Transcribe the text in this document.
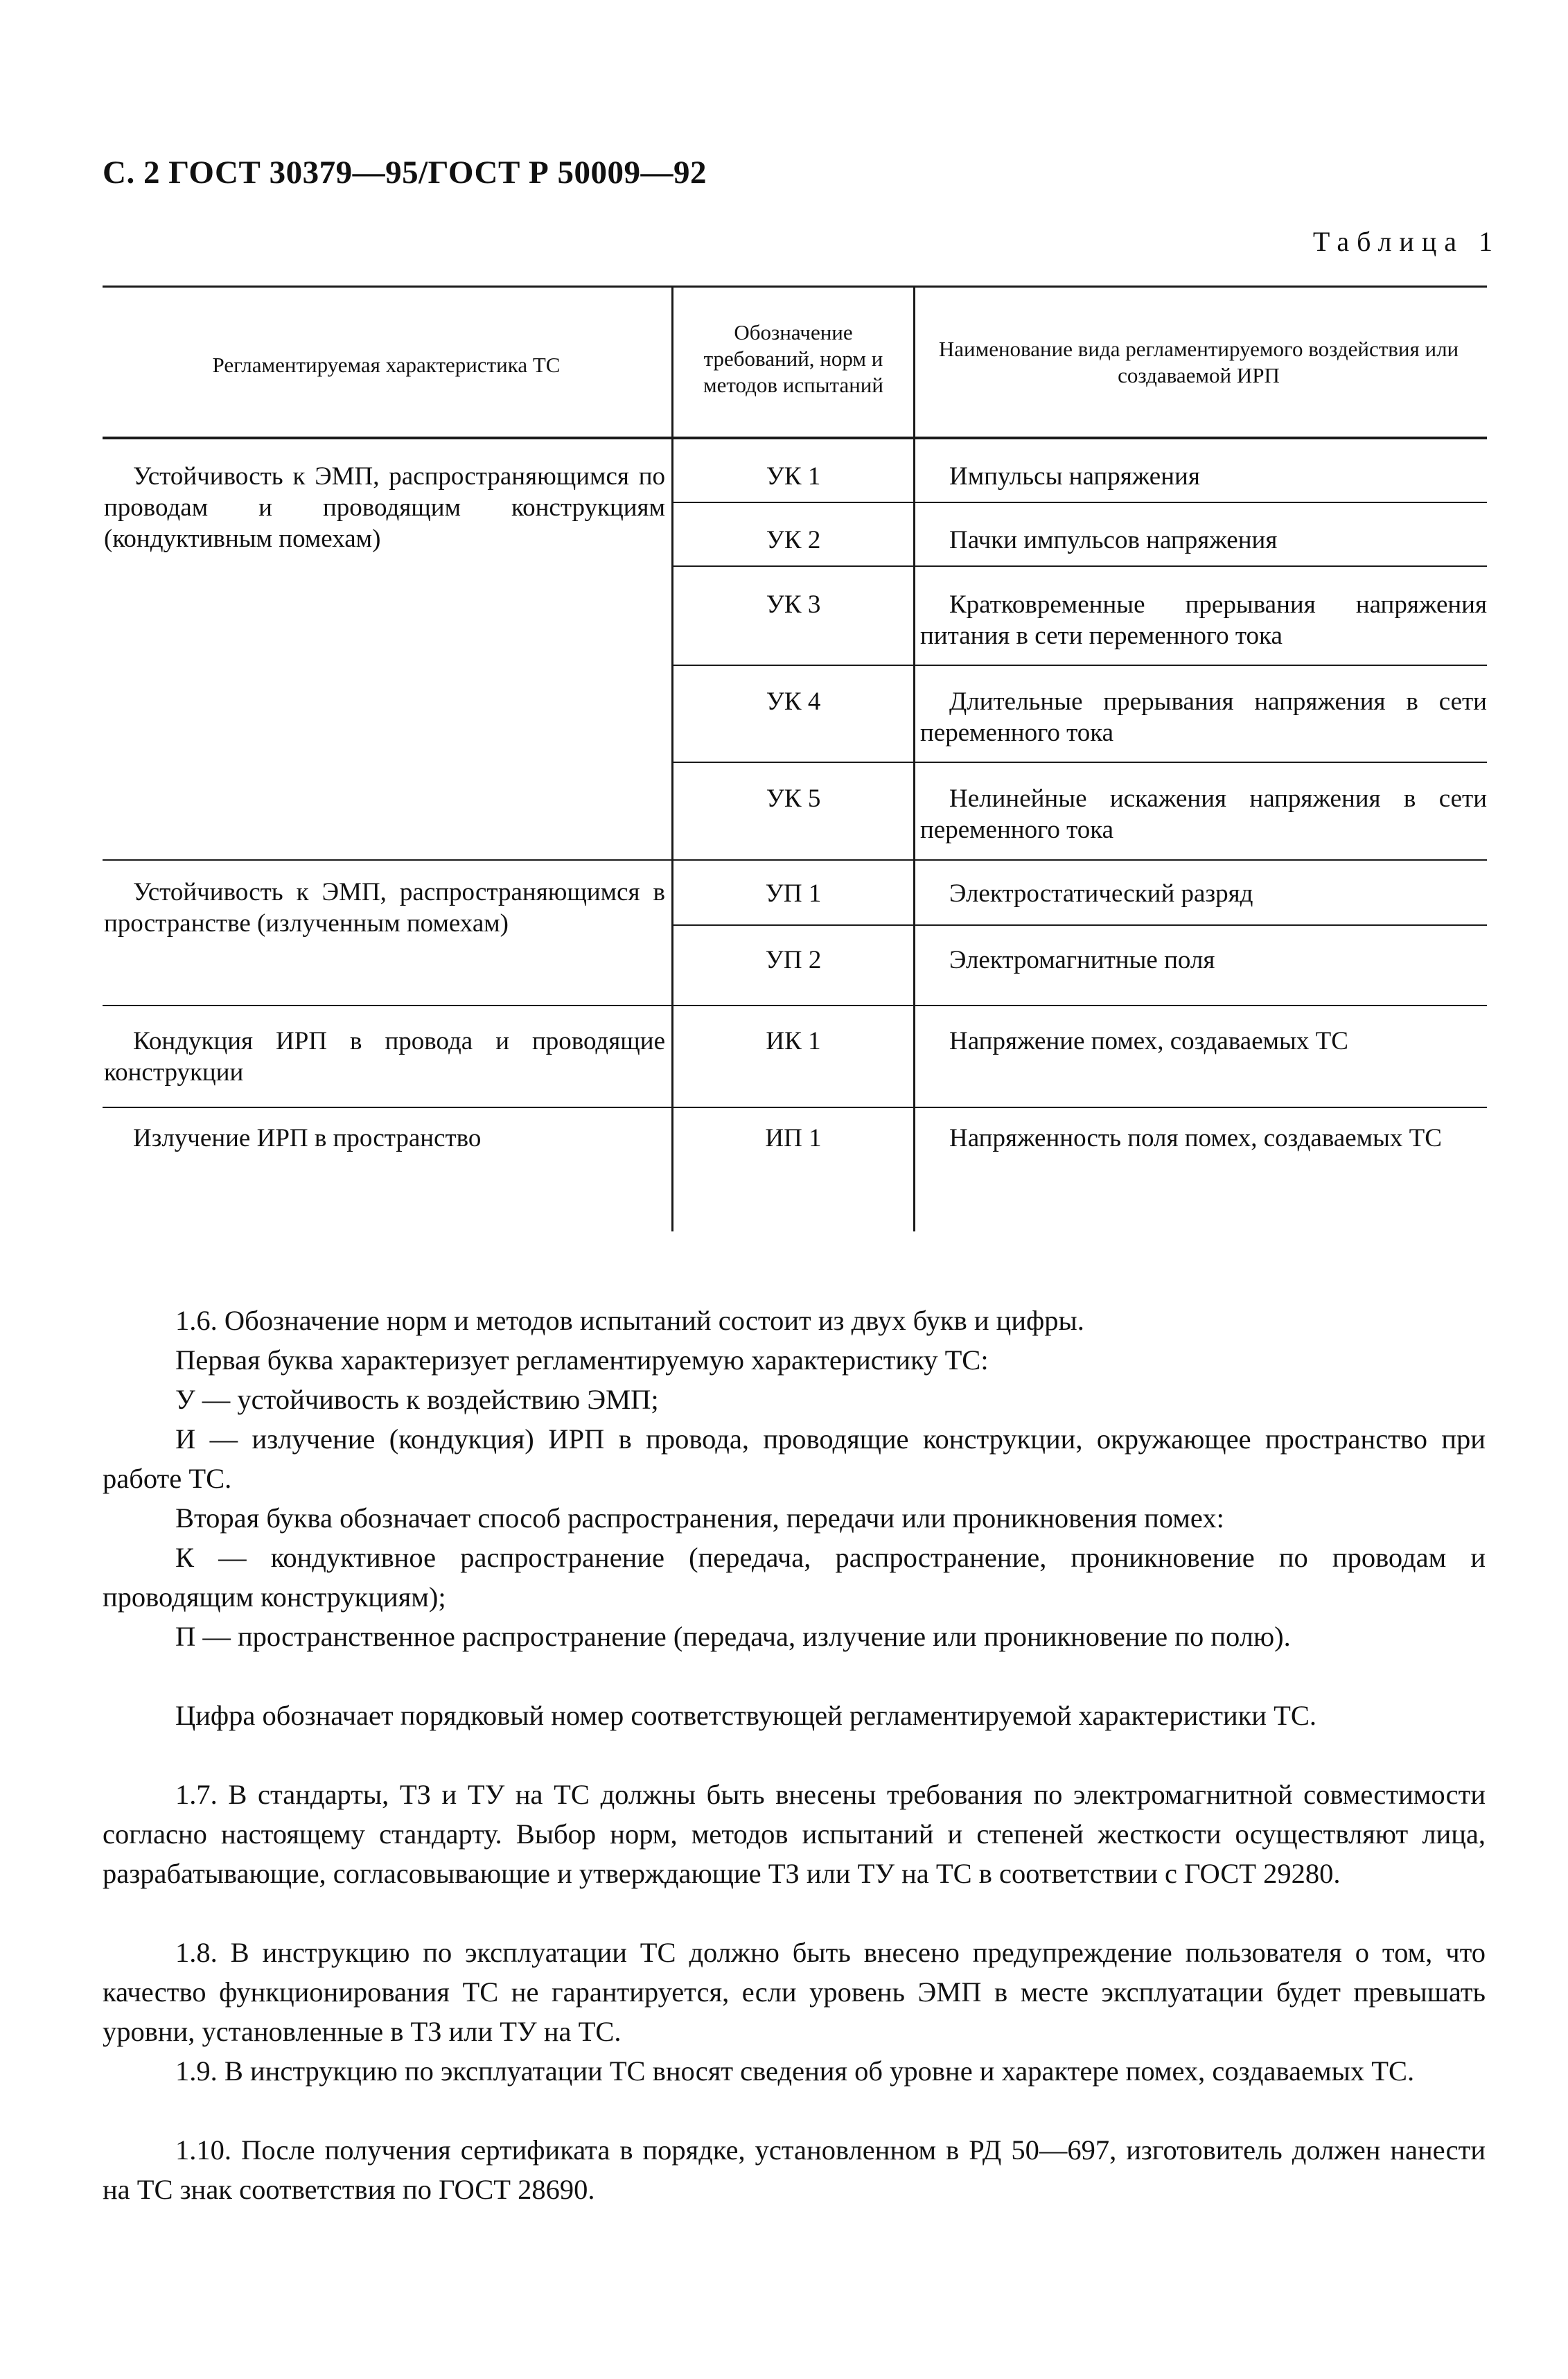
С. 2 ГОСТ 30379—95/ГОСТ Р 50009—92
Таблица 1
Регламентируемая характеристика ТС
Обозначение требований, норм и методов испытаний
Наименование вида регламентируемого воздействия или создаваемой ИРП
Устойчивость к ЭМП, распространяющимся по проводам и проводящим конструкциям (кондуктивным помехам)
Устойчивость к ЭМП, распространяющимся в пространстве (излученным помехам)
Кондукция ИРП в провода и проводящие конструкции
Излучение ИРП в пространство
УК 1
УК 2
УК 3
УК 4
УК 5
УП 1
УП 2
ИК 1
ИП 1
Импульсы напряжения
Пачки импульсов напряжения
Кратковременные прерывания напряжения питания в сети переменного тока
Длительные прерывания напряжения в сети переменного тока
Нелинейные искажения напряжения в сети переменного тока
Электростатический разряд
Электромагнитные поля
Напряжение помех, создаваемых ТС
Напряженность поля помех, создаваемых ТС

1.6. Обозначение норм и методов испытаний состоит из двух букв и цифры.

Первая буква характеризует регламентируемую характеристику ТС:

У — устойчивость к воздействию ЭМП;

И — излучение (кондукция) ИРП в провода, проводящие конструкции, окружающее пространство при работе ТС.

Вторая буква обозначает способ распространения, передачи или проникновения помех:

К — кондуктивное распространение (передача, распространение, проникновение по проводам и проводящим конструкциям);

П — пространственное распространение (передача, излучение или проникновение по полю).

Цифра обозначает порядковый номер соответствующей регламентируемой характеристики ТС.

1.7. В стандарты, ТЗ и ТУ на ТС должны быть внесены требования по электромагнитной совместимости согласно настоящему стандарту. Выбор норм, методов испытаний и степеней жесткости осуществляют лица, разрабатывающие, согласовывающие и утверждающие ТЗ или ТУ на ТС в соответствии с ГОСТ 29280.

1.8. В инструкцию по эксплуатации ТС должно быть внесено предупреждение пользователя о том, что качество функционирования ТС не гарантируется, если уровень ЭМП в месте эксплуатации будет превышать уровни, установленные в ТЗ или ТУ на ТС.

1.9. В инструкцию по эксплуатации ТС вносят сведения об уровне и характере помех, создаваемых ТС.

1.10. После получения сертификата в порядке, установленном в РД 50—697, изготовитель должен нанести на ТС знак соответствия по ГОСТ 28690.
